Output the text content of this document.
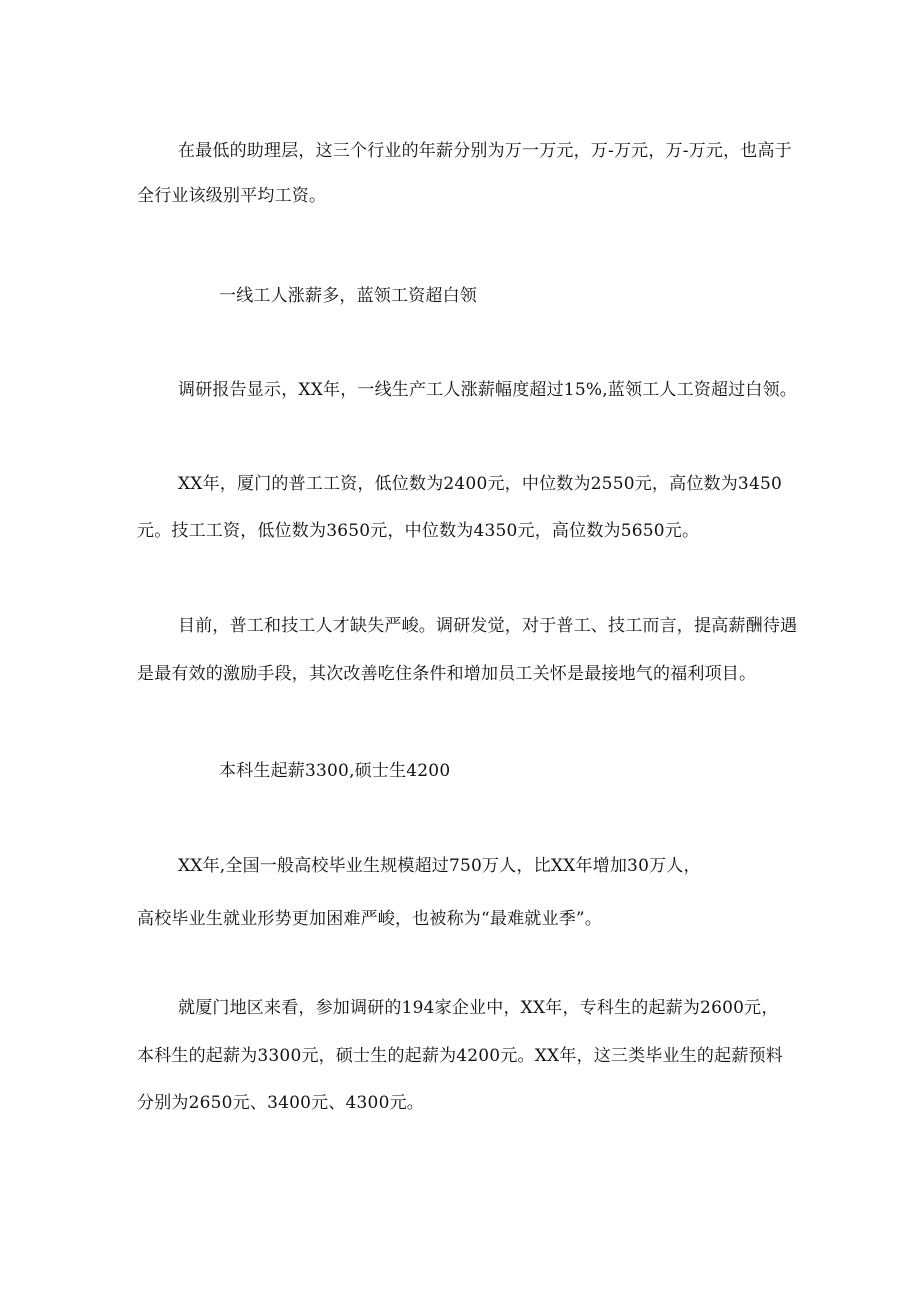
在最低的助理层，这三个行业的年薪分别为万一万元，万-万元，万-万元，也高于
全行业该级别平均工资。
一线工人涨薪多，蓝领工资超白领
调研报告显示，XX年，一线生产工人涨薪幅度超过15%,蓝领工人工资超过白领。
XX年，厦门的普工工资，低位数为2400元，中位数为2550元，高位数为3450
元。技工工资，低位数为3650元，中位数为4350元，高位数为5650元。
目前，普工和技工人才缺失严峻。调研发觉，对于普工、技工而言，提高薪酬待遇
是最有效的激励手段，其次改善吃住条件和增加员工关怀是最接地气的福利项目。
本科生起薪3300,硕士生4200
XX年,全国一般高校毕业生规模超过750万人，比XX年增加30万人，
高校毕业生就业形势更加困难严峻，也被称为“最难就业季”。
就厦门地区来看，参加调研的194家企业中，XX年，专科生的起薪为2600元，
本科生的起薪为3300元，硕士生的起薪为4200元。XX年，这三类毕业生的起薪预料
分别为2650元、3400元、4300元。
